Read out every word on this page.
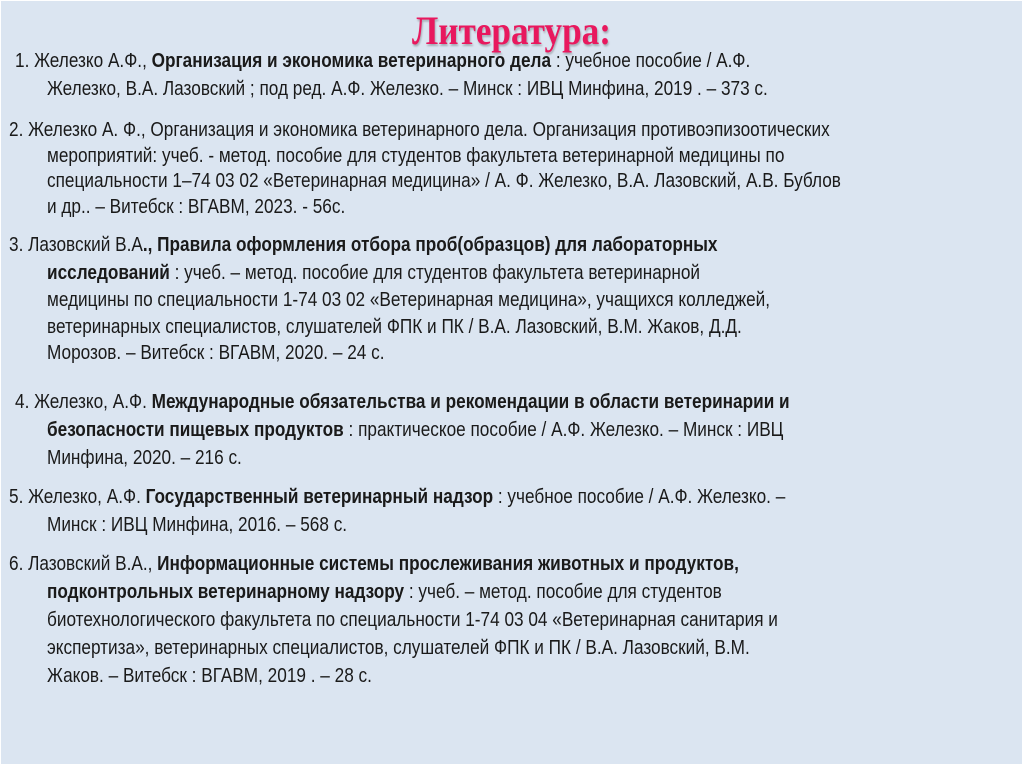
Литература:
1. Железко А.Ф., Организация и экономика ветеринарного дела : учебное пособие / А.Ф.
Железко, В.А. Лазовский ; под ред. А.Ф. Железко. – Минск : ИВЦ Минфина, 2019 . – 373 с.
2. Железко А. Ф., Организация и экономика ветеринарного дела. Организация противоэпизоотических
мероприятий: учеб. - метод. пособие для студентов факультета ветеринарной медицины по
специальности 1–74 03 02 «Ветеринарная медицина» / А. Ф. Железко, В.А. Лазовский, А.В. Бублов
и др.. – Витебск : ВГАВМ, 2023. - 56с.
3. Лазовский В.А., Правила оформления отбора проб(образцов) для лабораторных
исследований : учеб. – метод. пособие для студентов факультета ветеринарной
медицины по специальности 1-74 03 02 «Ветеринарная медицина», учащихся колледжей,
ветеринарных специалистов, слушателей ФПК и ПК / В.А. Лазовский, В.М. Жаков, Д.Д.
Морозов. – Витебск : ВГАВМ, 2020. – 24 с.
4. Железко, А.Ф. Международные обязательства и рекомендации в области ветеринарии и
безопасности пищевых продуктов : практическое пособие / А.Ф. Железко. – Минск : ИВЦ
Минфина, 2020. – 216 с.
5. Железко, А.Ф. Государственный ветеринарный надзор : учебное пособие / А.Ф. Железко. –
Минск : ИВЦ Минфина, 2016. – 568 с.
6. Лазовский В.А., Информационные системы прослеживания животных и продуктов,
подконтрольных ветеринарному надзору : учеб. – метод. пособие для студентов
биотехнологического факультета по специальности 1-74 03 04 «Ветеринарная санитария и
экспертиза», ветеринарных специалистов, слушателей ФПК и ПК / В.А. Лазовский, В.М.
Жаков. – Витебск : ВГАВМ, 2019 . – 28 с.
